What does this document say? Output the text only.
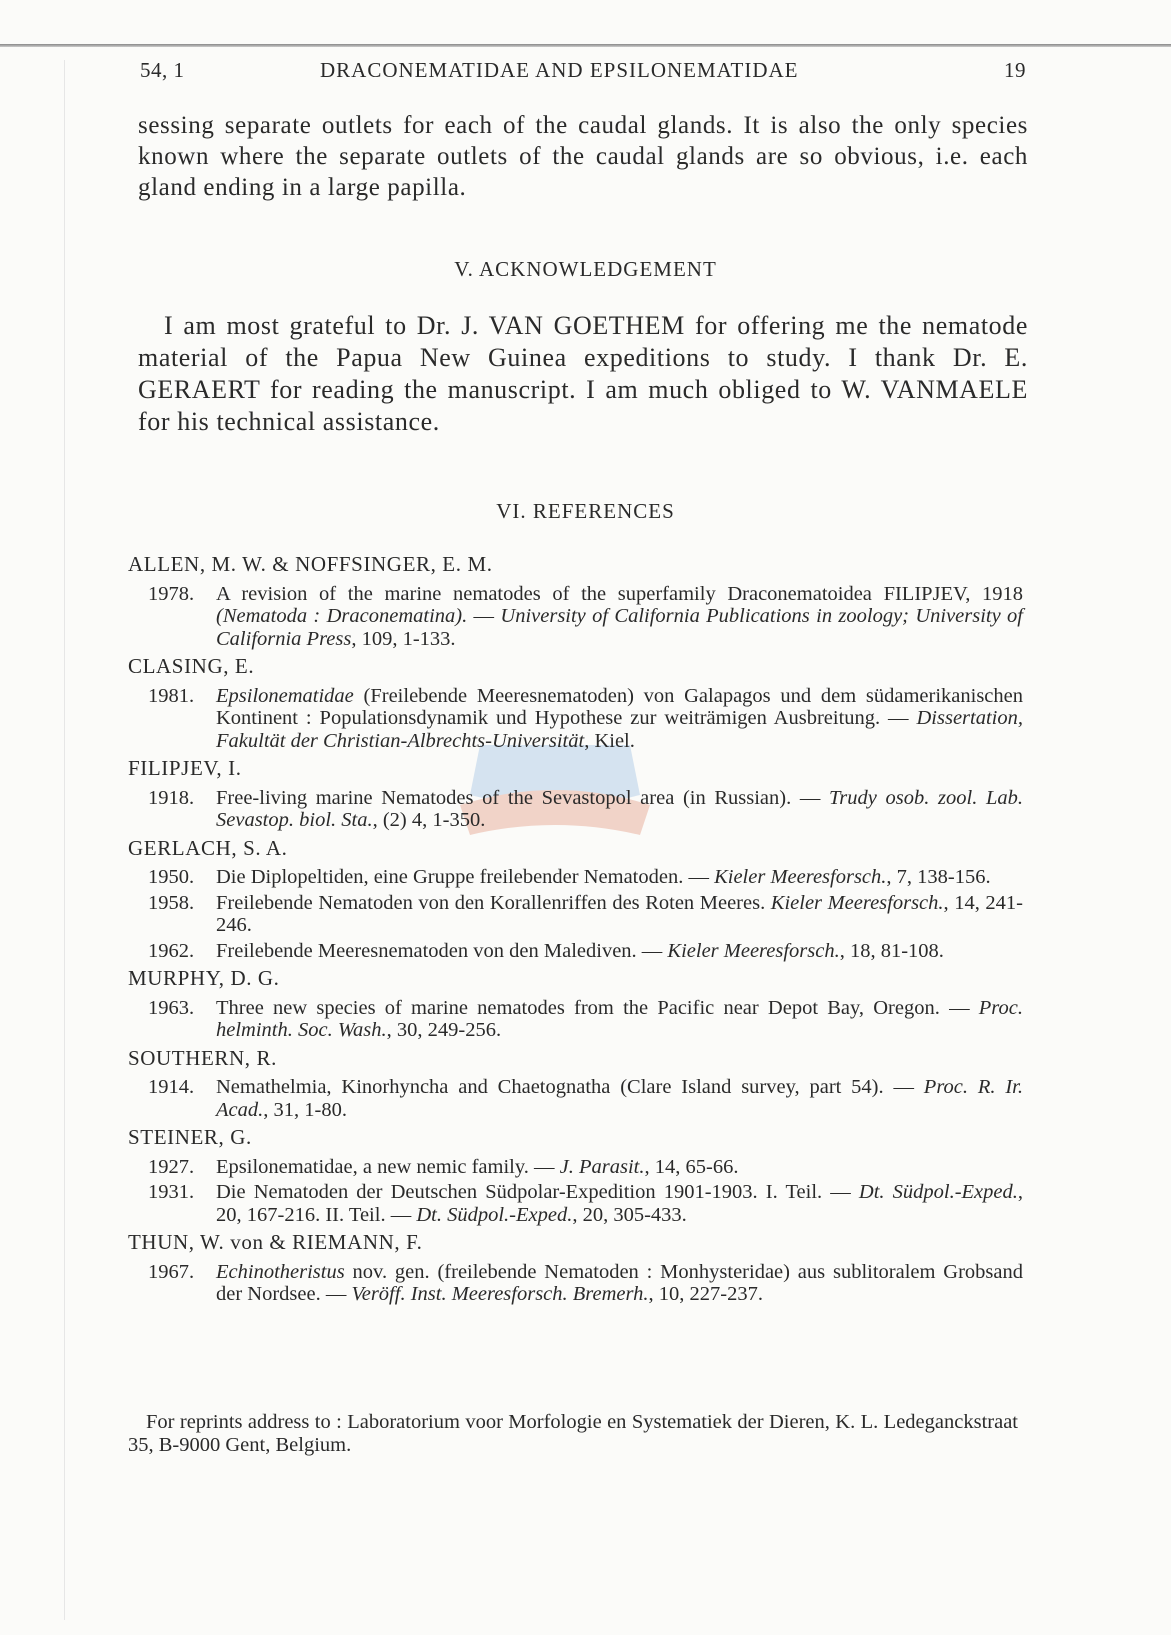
54, 1	DRACONEMATIDAE AND EPSILONEMATIDAE	19
sessing separate outlets for each of the caudal glands. It is also the only species known where the separate outlets of the caudal glands are so obvious, i.e. each gland ending in a large papilla.
V. ACKNOWLEDGEMENT
I am most grateful to Dr. J. VAN GOETHEM for offering me the nematode material of the Papua New Guinea expeditions to study. I thank Dr. E. GERAERT for reading the manuscript. I am much obliged to W. VANMAELE for his technical assistance.
VI. REFERENCES
ALLEN, M. W. & NOFFSINGER, E. M.
1978.	A revision of the marine nematodes of the superfamily Draconematoidea FILIPJEV, 1918 (Nematoda : Draconematina). — University of California Publications in zoology; University of California Press, 109, 1-133.
CLASING, E.
1981.	Epsilonematidae (Freilebende Meeresnematoden) von Galapagos und dem südamerikanischen Kontinent : Populationsdynamik und Hypothese zur weiträmigen Ausbreitung. — Dissertation, Fakultät der Christian-Albrechts-Universität, Kiel.
FILIPJEV, I.
1918.	Free-living marine Nematodes of the Sevastopol area (in Russian). — Trudy osob. zool. Lab. Sevastop. biol. Sta., (2) 4, 1-350.
GERLACH, S. A.
1950.	Die Diplopeltiden, eine Gruppe freilebender Nematoden. — Kieler Meeresforsch., 7, 138-156.
1958.	Freilebende Nematoden von den Korallenriffen des Roten Meeres. Kieler Meeresforsch., 14, 241-246.
1962.	Freilebende Meeresnematoden von den Malediven. — Kieler Meeresforsch., 18, 81-108.
MURPHY, D. G.
1963.	Three new species of marine nematodes from the Pacific near Depot Bay, Oregon. — Proc. helminth. Soc. Wash., 30, 249-256.
SOUTHERN, R.
1914.	Nemathelmia, Kinorhyncha and Chaetognatha (Clare Island survey, part 54). — Proc. R. Ir. Acad., 31, 1-80.
STEINER, G.
1927.	Epsilonematidae, a new nemic family. — J. Parasit., 14, 65-66.
1931.	Die Nematoden der Deutschen Südpolar-Expedition 1901-1903. I. Teil. — Dt. Südpol.-Exped., 20, 167-216. II. Teil. — Dt. Südpol.-Exped., 20, 305-433.
THUN, W. von & RIEMANN, F.
1967.	Echinotheristus nov. gen. (freilebende Nematoden : Monhysteridae) aus sublitoralem Grobsand der Nordsee. — Veröff. Inst. Meeresforsch. Bremerh., 10, 227-237.
For reprints address to : Laboratorium voor Morfologie en Systematiek der Dieren, K. L. Ledeganckstraat 35, B-9000 Gent, Belgium.
